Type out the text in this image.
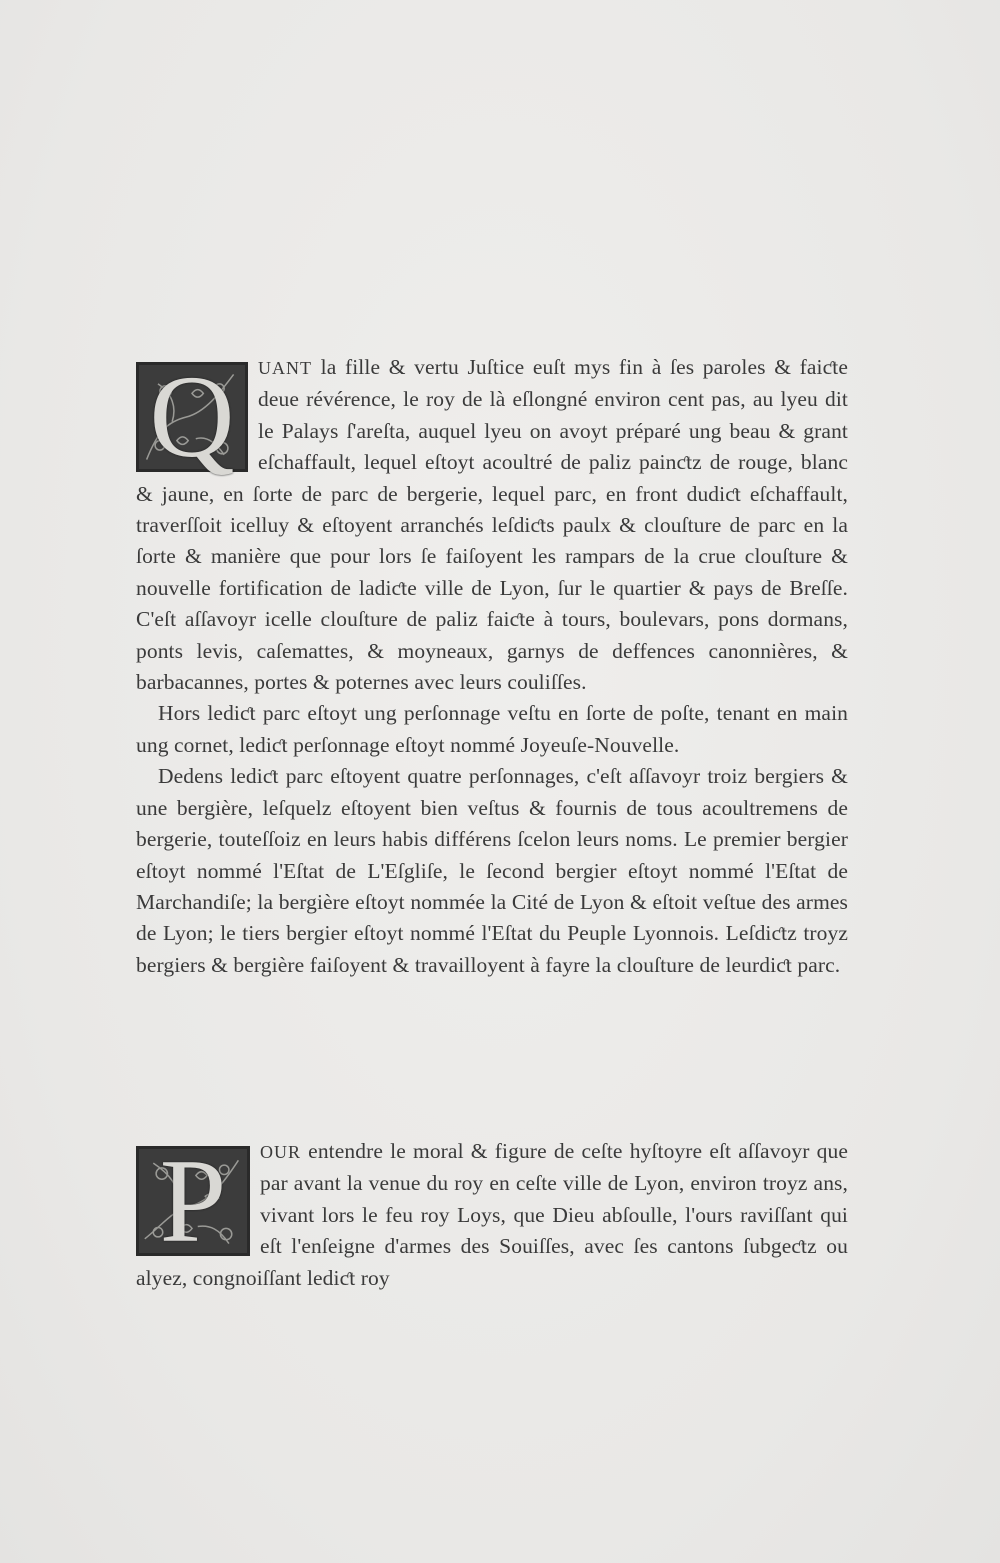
Q	UANT la fille & vertu Juſtice euſt mys fin à ſes paroles & faiƈte deue révérence, le roy de là eſlongné environ cent pas, au lyeu dit le Palays ſ'areſta, auquel lyeu on avoyt préparé ung beau & grant eſchaffault, lequel eſtoyt acoultré de paliz painƈtz de rouge, blanc & jaune, en ſorte de parc de bergerie, lequel parc, en front dudiƈt eſchaffault, traverſſoit icelluy & eſtoyent arranchés leſdiƈts paulx & clouſture de parc en la ſorte & manière que pour lors ſe faiſoyent les rampars de la crue clouſture & nouvelle fortification de ladiƈte ville de Lyon, ſur le quartier & pays de Breſſe. C'eſt aſſavoyr icelle clouſture de paliz faiƈte à tours, boulevars, pons dormans, ponts levis, caſemattes, & moyneaux, garnys de deffences canonnières, & barbacannes, portes & poternes avec leurs couliſſes.

Hors lediƈt parc eſtoyt ung perſonnage veſtu en ſorte de poſte, tenant en main ung cornet, lediƈt perſonnage eſtoyt nommé Joyeuſe-Nouvelle.

Dedens lediƈt parc eſtoyent quatre perſonnages, c'eſt aſſavoyr troiz bergiers & une bergière, leſquelz eſtoyent bien veſtus & fournis de tous acoultremens de bergerie, touteſſoiz en leurs habis différens ſcelon leurs noms. Le premier bergier eſtoyt nommé l'Eſtat de L'Eſgliſe, le ſecond bergier eſtoyt nommé l'Eſtat de Marchandiſe; la bergière eſtoyt nommée la Cité de Lyon & eſtoit veſtue des armes de Lyon; le tiers bergier eſtoyt nommé l'Eſtat du Peuple Lyonnois. Leſdiƈtz troyz bergiers & bergière faiſoyent & travailloyent à fayre la clouſture de leurdiƈt parc.

P	OUR entendre le moral & figure de ceſte hyſtoyre eſt aſſavoyr que par avant la venue du roy en ceſte ville de Lyon, environ troyz ans, vivant lors le feu roy Loys, que Dieu abſoulle, l'ours raviſſant qui eſt l'enſeigne d'armes des Souiſſes, avec ſes cantons ſubgeƈtz ou alyez, congnoiſſant lediƈt roy
